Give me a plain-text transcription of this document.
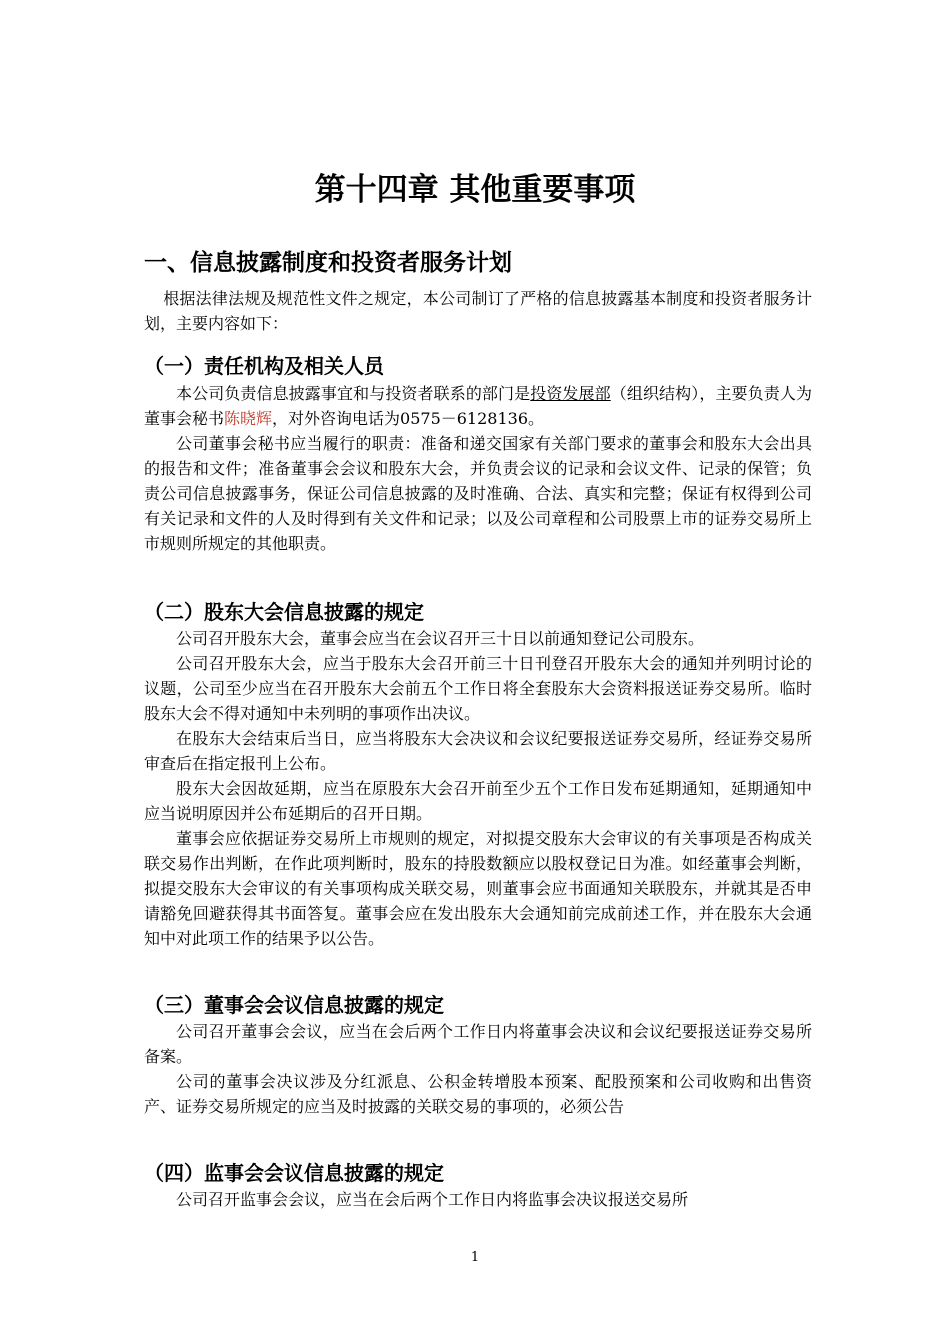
第十四章 其他重要事项
一、信息披露制度和投资者服务计划

根据法律法规及规范性文件之规定，本公司制订了严格的信息披露基本制度和投资者服务计划，主要内容如下：

（一）责任机构及相关人员

本公司负责信息披露事宜和与投资者联系的部门是投资发展部（组织结构），主要负责人为董事会秘书陈晓辉，对外咨询电话为0575－6128136。

公司董事会秘书应当履行的职责：准备和递交国家有关部门要求的董事会和股东大会出具的报告和文件；准备董事会会议和股东大会，并负责会议的记录和会议文件、记录的保管；负责公司信息披露事务，保证公司信息披露的及时准确、合法、真实和完整；保证有权得到公司有关记录和文件的人及时得到有关文件和记录；以及公司章程和公司股票上市的证券交易所上市规则所规定的其他职责。

（二）股东大会信息披露的规定

公司召开股东大会，董事会应当在会议召开三十日以前通知登记公司股东。

公司召开股东大会，应当于股东大会召开前三十日刊登召开股东大会的通知并列明讨论的议题，公司至少应当在召开股东大会前五个工作日将全套股东大会资料报送证券交易所。临时股东大会不得对通知中未列明的事项作出决议。

在股东大会结束后当日，应当将股东大会决议和会议纪要报送证券交易所，经证券交易所审查后在指定报刊上公布。

股东大会因故延期，应当在原股东大会召开前至少五个工作日发布延期通知，延期通知中应当说明原因并公布延期后的召开日期。

董事会应依据证券交易所上市规则的规定，对拟提交股东大会审议的有关事项是否构成关联交易作出判断，在作此项判断时，股东的持股数额应以股权登记日为准。如经董事会判断，拟提交股东大会审议的有关事项构成关联交易，则董事会应书面通知关联股东，并就其是否申请豁免回避获得其书面答复。董事会应在发出股东大会通知前完成前述工作，并在股东大会通知中对此项工作的结果予以公告。

（三）董事会会议信息披露的规定

公司召开董事会会议，应当在会后两个工作日内将董事会决议和会议纪要报送证券交易所备案。

公司的董事会决议涉及分红派息、公积金转增股本预案、配股预案和公司收购和出售资产、证券交易所规定的应当及时披露的关联交易的事项的，必须公告

（四）监事会会议信息披露的规定

公司召开监事会会议，应当在会后两个工作日内将监事会决议报送交易所

1
